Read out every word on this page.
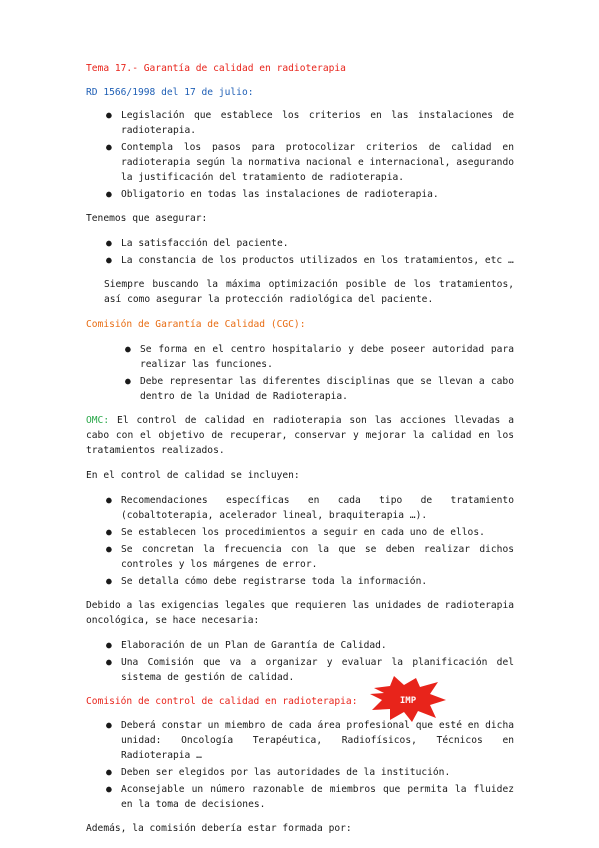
Tema 17.- Garantía de calidad en radioterapia
RD 1566/1998 del 17 de julio:
● Legislación que establece los criterios en las instalaciones de radioterapia.
● Contempla los pasos para protocolizar criterios de calidad en radioterapia según la normativa nacional e internacional, asegurando la justificación del tratamiento de radioterapia.
● Obligatorio en todas las instalaciones de radioterapia.

Tenemos que asegurar:

● La satisfacción del paciente.
● La constancia de los productos utilizados en los tratamientos, etc …

Siempre buscando la máxima optimización posible de los tratamientos, así como asegurar la protección radiológica del paciente.

Comisión de Garantía de Calidad (CGC):

● Se forma en el centro hospitalario y debe poseer autoridad para realizar las funciones.
● Debe representar las diferentes disciplinas que se llevan a cabo dentro de la Unidad de Radioterapia.

OMC: El control de calidad en radioterapia son las acciones llevadas a cabo con el objetivo de recuperar, conservar y mejorar la calidad en los tratamientos realizados.

En el control de calidad se incluyen:

● Recomendaciones específicas en cada tipo de tratamiento (cobaltoterapia, acelerador lineal, braquiterapia …).
● Se establecen los procedimientos a seguir en cada uno de ellos.
● Se concretan la frecuencia con la que se deben realizar dichos controles y los márgenes de error.
● Se detalla cómo debe registrarse toda la información.

Debido a las exigencias legales que requieren las unidades de radioterapia oncológica, se hace necesaria:

● Elaboración de un Plan de Garantía de Calidad.
● Una Comisión que va a organizar y evaluar la planificación del sistema de gestión de calidad.
Comisión de control de calidad en radioterapia:	IMP
● Deberá constar un miembro de cada área profesional que esté en dicha unidad: Oncología Terapéutica, Radiofísicos, Técnicos en Radioterapia …
● Deben ser elegidos por las autoridades de la institución.
● Aconsejable un número razonable de miembros que permita la fluidez en la toma de decisiones.

Además, la comisión debería estar formada por:
